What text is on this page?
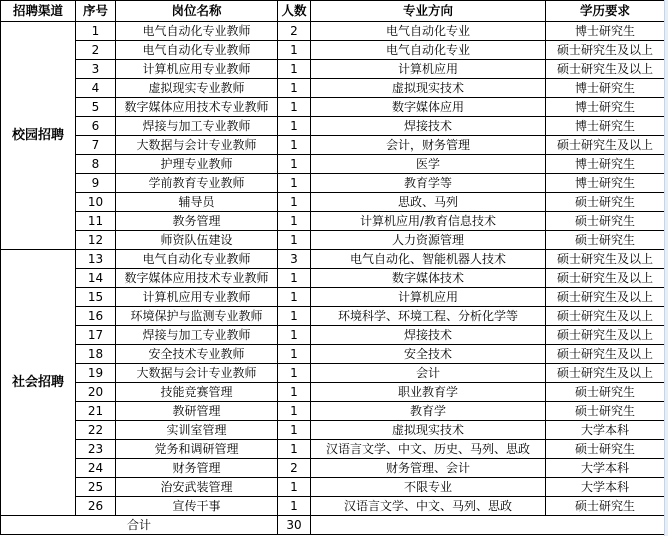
招聘渠道	序号	岗位名称	人数	专业方向	学历要求
校园招聘	1	电气自动化专业教师	2	电气自动化专业	博士研究生
	2	电气自动化专业教师	1	电气自动化专业	硕士研究生及以上
	3	计算机应用专业教师	1	计算机应用	硕士研究生及以上
	4	虚拟现实专业教师	1	虚拟现实技术	博士研究生
	5	数字媒体应用技术专业教师	1	数字媒体应用	博士研究生
	6	焊接与加工专业教师	1	焊接技术	博士研究生
	7	大数据与会计专业教师	1	会计，财务管理	硕士研究生及以上
	8	护理专业教师	1	医学	博士研究生
	9	学前教育专业教师	1	教育学等	博士研究生
	10	辅导员	1	思政、马列	硕士研究生
	11	教务管理	1	计算机应用/教育信息技术	硕士研究生
	12	师资队伍建设	1	人力资源管理	硕士研究生
社会招聘	13	电气自动化专业教师	3	电气自动化、智能机器人技术	硕士研究生及以上
	14	数字媒体应用技术专业教师	1	数字媒体技术	硕士研究生及以上
	15	计算机应用专业教师	1	计算机应用	硕士研究生及以上
	16	环境保护与监测专业教师	1	环境科学、环境工程、分析化学等	硕士研究生及以上
	17	焊接与加工专业教师	1	焊接技术	硕士研究生及以上
	18	安全技术专业教师	1	安全技术	硕士研究生及以上
	19	大数据与会计专业教师	1	会计	硕士研究生及以上
	20	技能竞赛管理	1	职业教育学	硕士研究生
	21	教研管理	1	教育学	硕士研究生
	22	实训室管理	1	虚拟现实技术	大学本科
	23	党务和调研管理	1	汉语言文学、中文、历史、马列、思政	硕士研究生
	24	财务管理	2	财务管理、会计	大学本科
	25	治安武装管理	1	不限专业	大学本科
	26	宣传干事	1	汉语言文学、中文、马列、思政	硕士研究生
合计			30		
